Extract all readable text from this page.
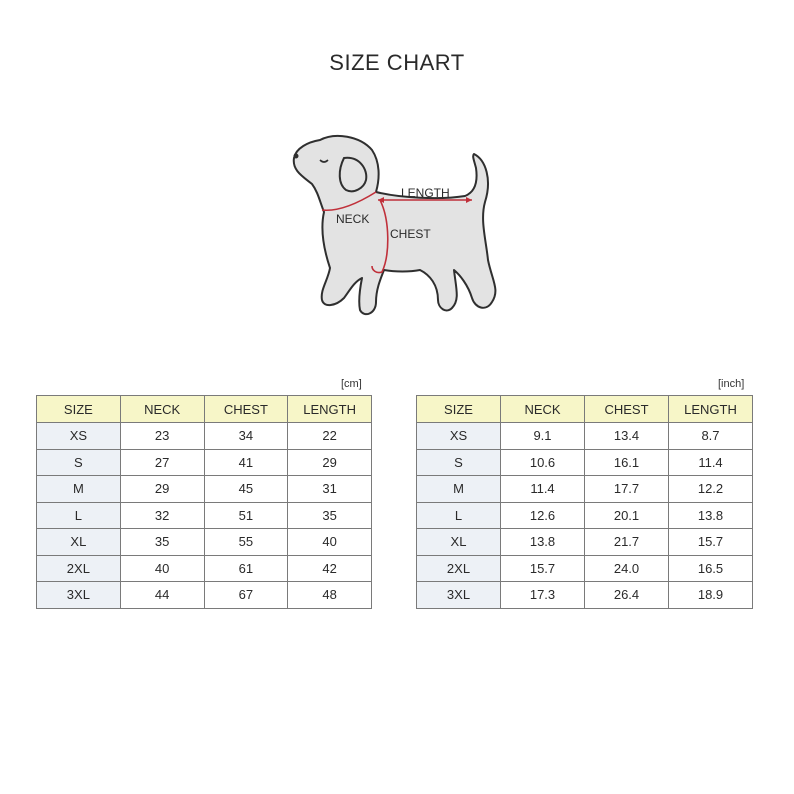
SIZE CHART
LENGTH
NECK
CHEST
[cm]
SIZE	NECK	CHEST	LENGTH
XS	23	34	22
S	27	41	29
M	29	45	31
L	32	51	35
XL	35	55	40
2XL	40	61	42
3XL	44	67	48
[inch]
SIZE	NECK	CHEST	LENGTH
XS	9.1	13.4	8.7
S	10.6	16.1	11.4
M	11.4	17.7	12.2
L	12.6	20.1	13.8
XL	13.8	21.7	15.7
2XL	15.7	24.0	16.5
3XL	17.3	26.4	18.9
